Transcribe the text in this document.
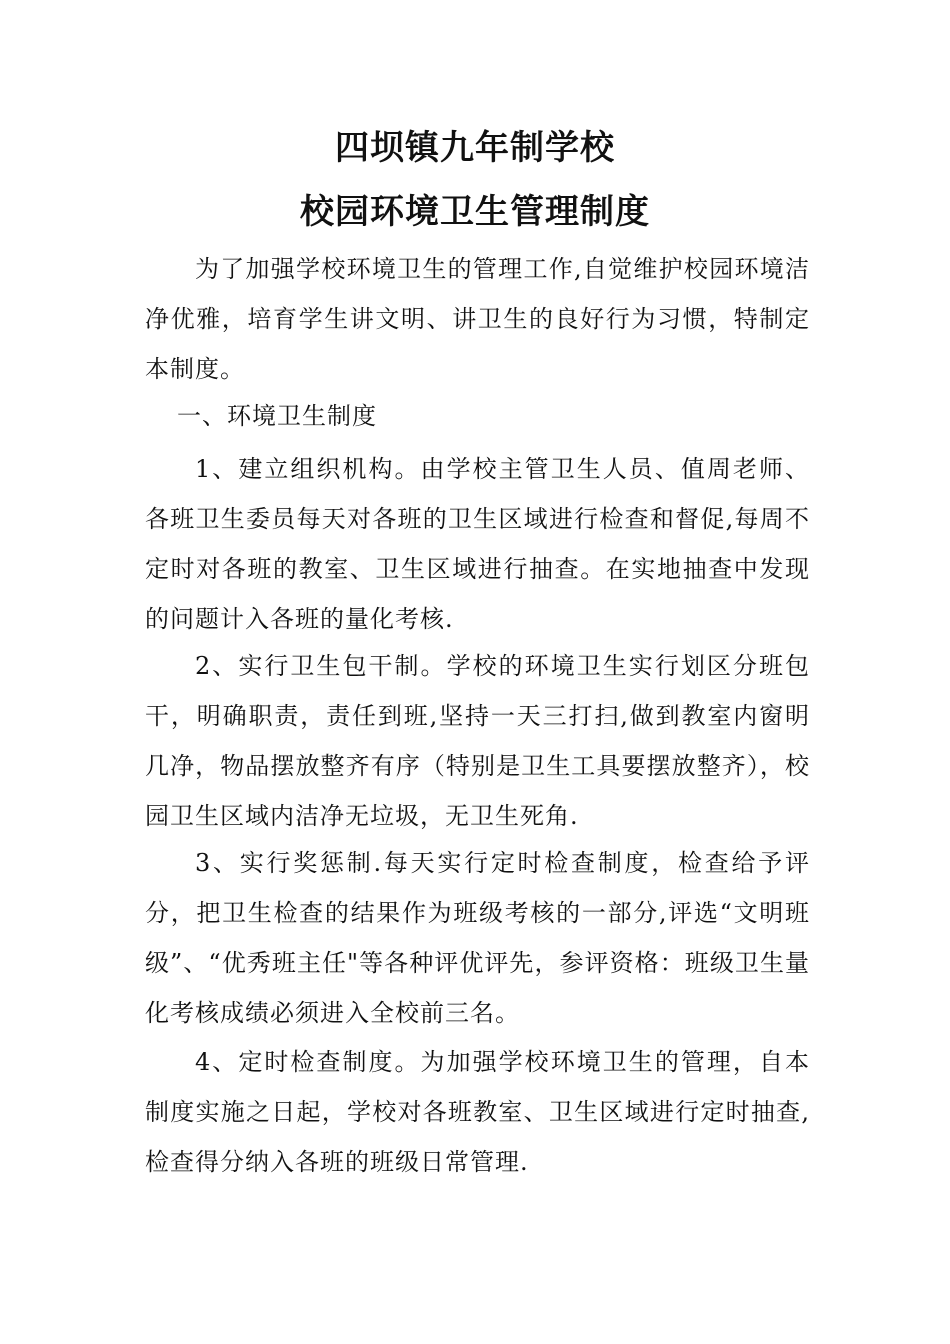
四坝镇九年制学校
校园环境卫生管理制度
为了加强学校环境卫生的管理工作,自觉维护校园环境洁净优雅，培育学生讲文明、讲卫生的良好行为习惯，特制定本制度。
一、环境卫生制度
1、建立组织机构。由学校主管卫生人员、值周老师、各班卫生委员每天对各班的卫生区域进行检查和督促,每周不定时对各班的教室、卫生区域进行抽查。在实地抽查中发现的问题计入各班的量化考核.
2、实行卫生包干制。学校的环境卫生实行划区分班包干，明确职责，责任到班,坚持一天三打扫,做到教室内窗明几净，物品摆放整齐有序（特别是卫生工具要摆放整齐），校园卫生区域内洁净无垃圾，无卫生死角.
3、实行奖惩制.每天实行定时检查制度，检查给予评分，把卫生检查的结果作为班级考核的一部分,评选“文明班级”、“优秀班主任"等各种评优评先，参评资格：班级卫生量化考核成绩必须进入全校前三名。
4、定时检查制度。为加强学校环境卫生的管理，自本制度实施之日起，学校对各班教室、卫生区域进行定时抽查,检查得分纳入各班的班级日常管理.
